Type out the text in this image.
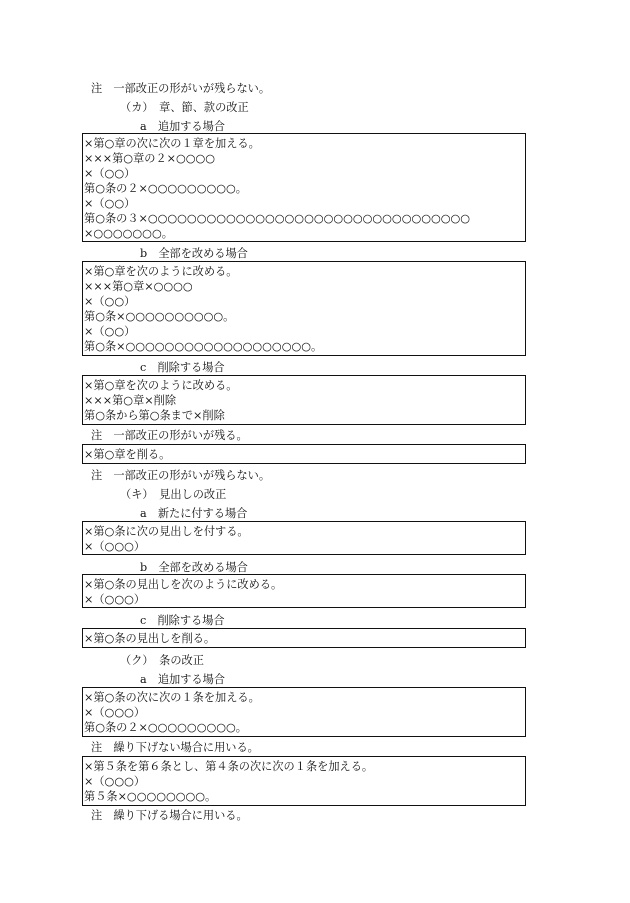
注　一部改正の形がいが残らない。
（カ）　章、節、款の改正
a　追加する場合
×第○章の次に次の１章を加える。
×××第○章の２×○○○○
×（○○）
第○条の２×○○○○○○○○○。
×（○○）
第○条の３×○○○○○○○○○○○○○○○○○○○○○○○○○○○○○○○○○
×○○○○○○○。
b　全部を改める場合
×第○章を次のように改める。
×××第○章×○○○○
×（○○）
第○条×○○○○○○○○○○。
×（○○）
第○条×○○○○○○○○○○○○○○○○○○○。
c　削除する場合
×第○章を次のように改める。
×××第○章×削除
第○条から第○条まで×削除
注　一部改正の形がいが残る。
×第○章を削る。
注　一部改正の形がいが残らない。
（キ）　見出しの改正
a　新たに付する場合
×第○条に次の見出しを付する。
×（○○○）
b　全部を改める場合
×第○条の見出しを次のように改める。
×（○○○）
c　削除する場合
×第○条の見出しを削る。
（ク）　条の改正
a　追加する場合
×第○条の次に次の１条を加える。
×（○○○）
第○条の２×○○○○○○○○○。
注　繰り下げない場合に用いる。
×第５条を第６条とし、第４条の次に次の１条を加える。
×（○○○）
第５条×○○○○○○○○。
注　繰り下げる場合に用いる。
